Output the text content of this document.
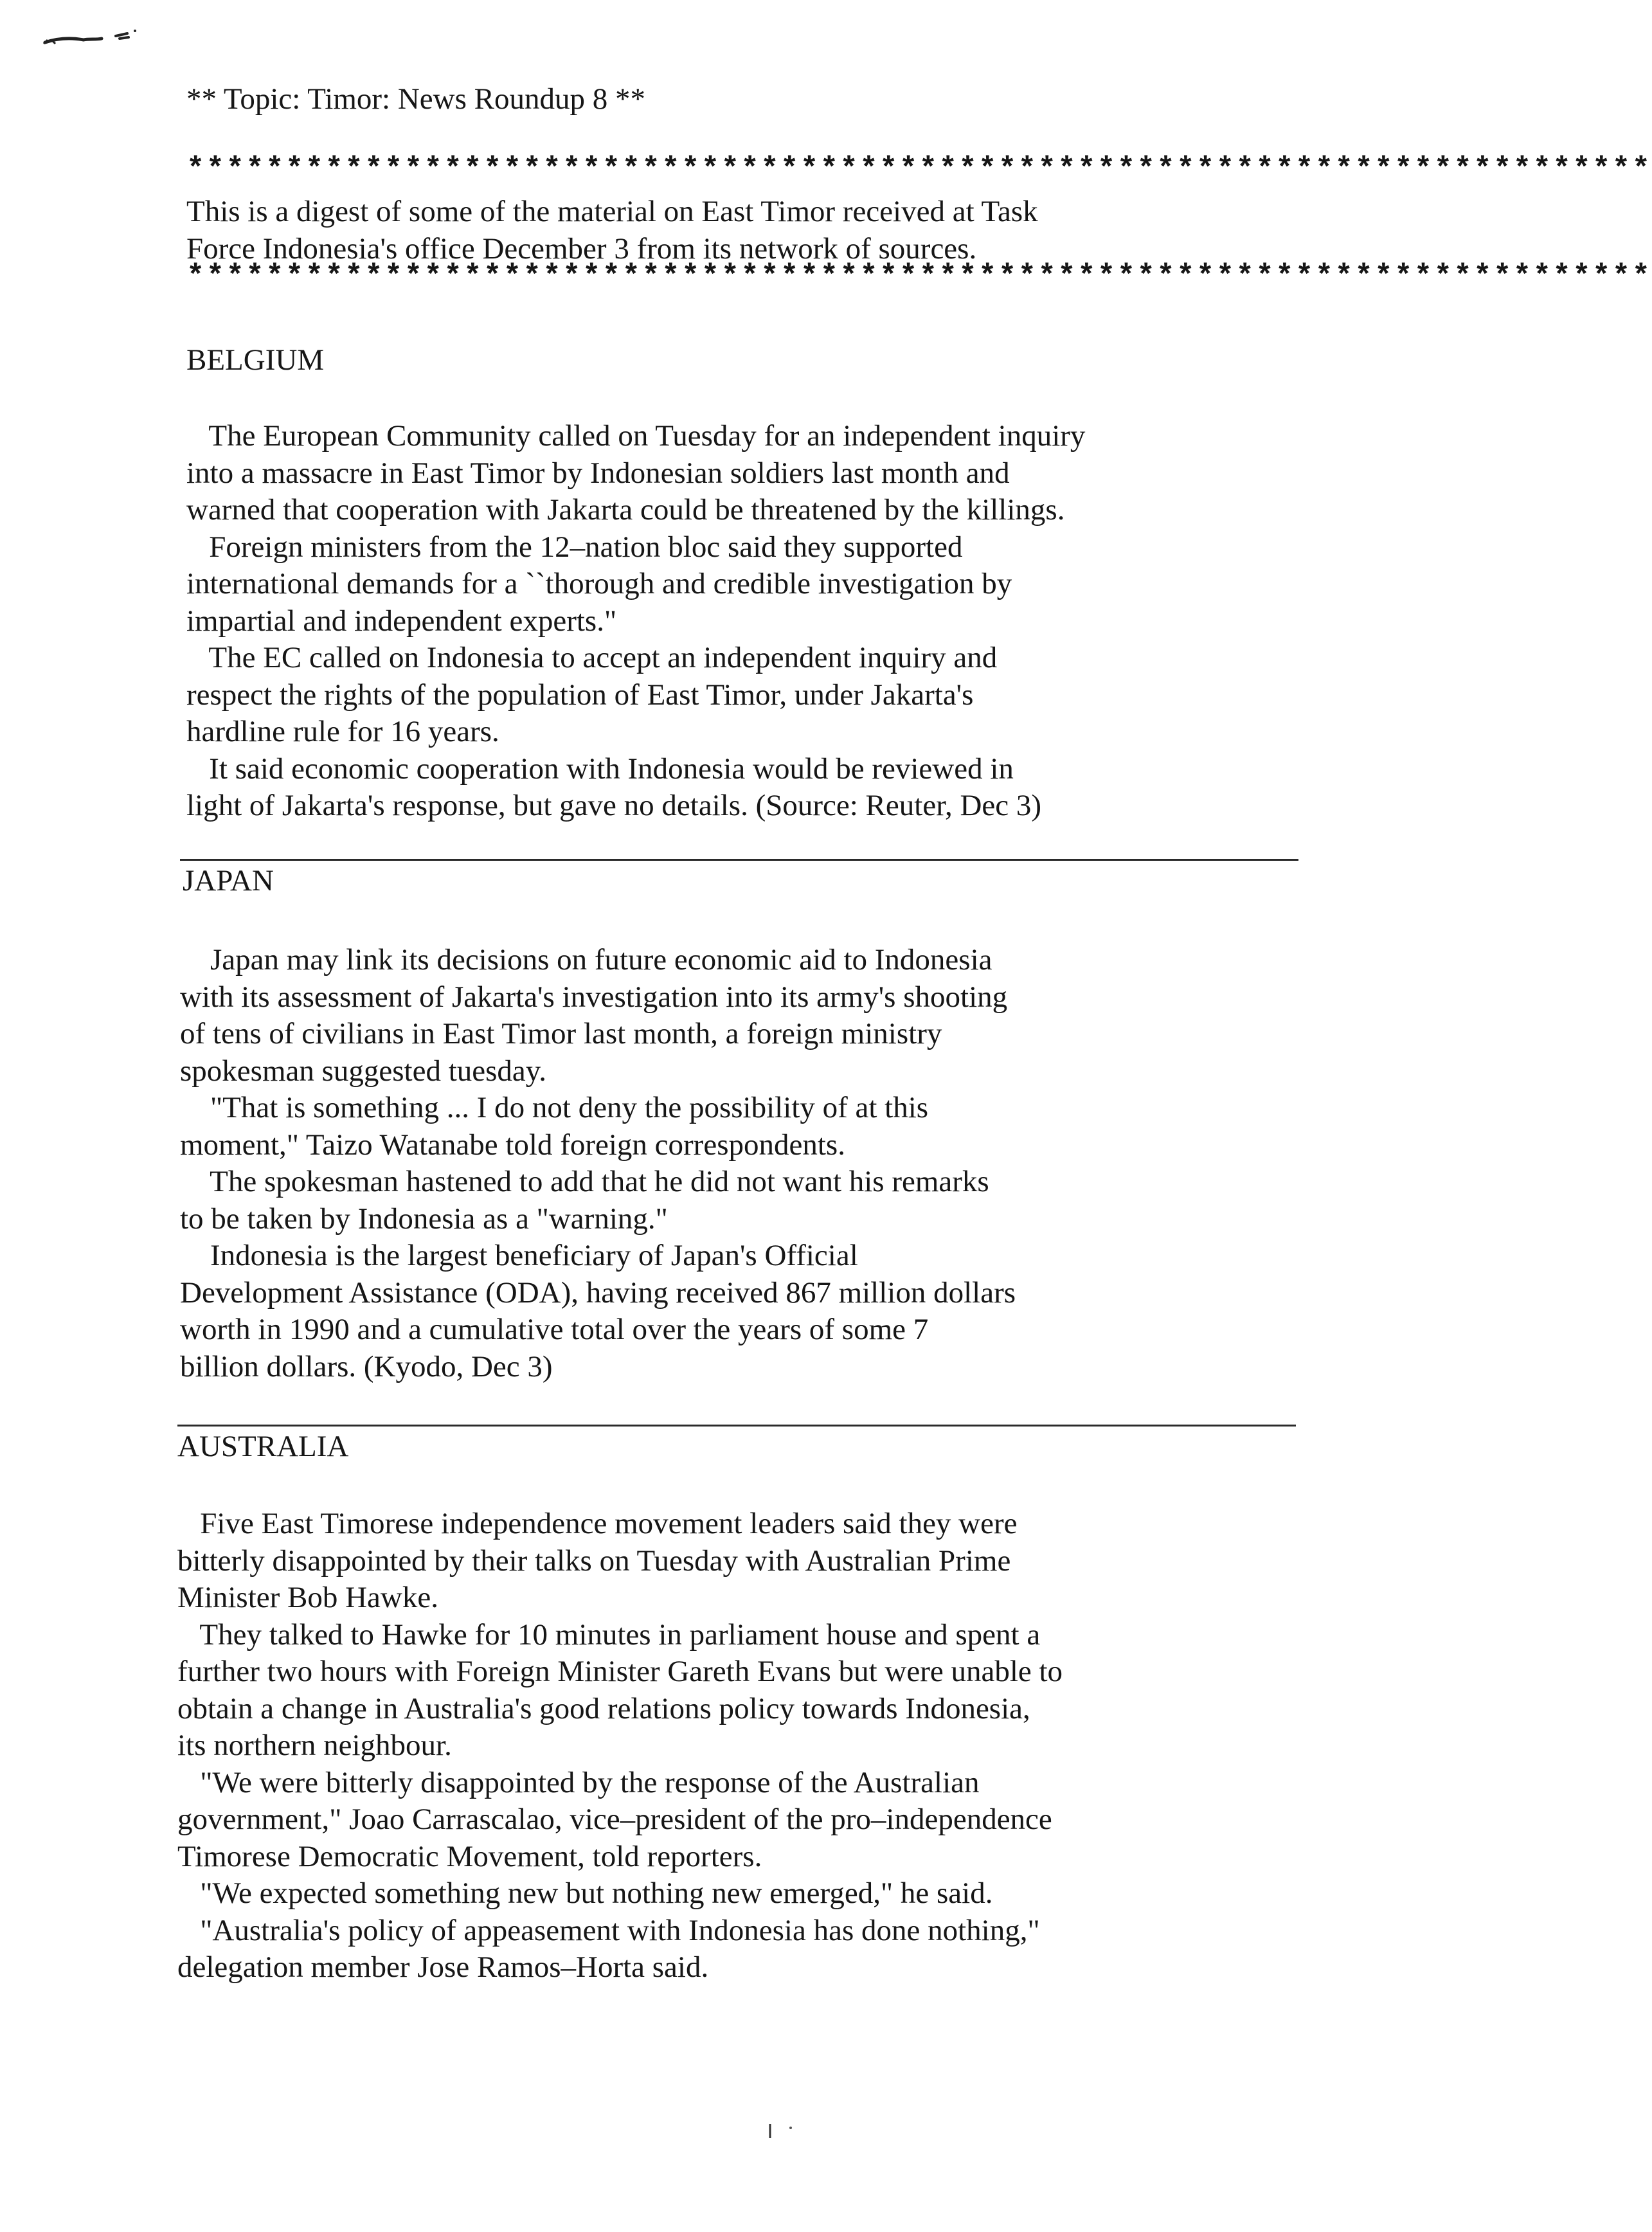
** Topic: Timor: News Roundup 8 **
**************************************************************************
This is a digest of some of the material on East Timor received at Task
Force Indonesia's office December 3 from its network of sources.
**************************************************************************
BELGIUM
The European Community called on Tuesday for an independent inquiry
into a massacre in East Timor by Indonesian soldiers last month and
warned that cooperation with Jakarta could be threatened by the killings.
Foreign ministers from the 12–nation bloc said they supported
international demands for a ``thorough and credible investigation by
impartial and independent experts."
The EC called on Indonesia to accept an independent inquiry and
respect the rights of the population of East Timor, under Jakarta's
hardline rule for 16 years.
It said economic cooperation with Indonesia would be reviewed in
light of Jakarta's response, but gave no details. (Source: Reuter, Dec 3)
JAPAN
Japan may link its decisions on future economic aid to Indonesia
with its assessment of Jakarta's investigation into its army's shooting
of tens of civilians in East Timor last month, a foreign ministry
spokesman suggested tuesday.
"That is something ... I do not deny the possibility of at this
moment," Taizo Watanabe told foreign correspondents.
The spokesman hastened to add that he did not want his remarks
to be taken by Indonesia as a "warning."
Indonesia is the largest beneficiary of Japan's Official
Development Assistance (ODA), having received 867 million dollars
worth in 1990 and a cumulative total over the years of some 7
billion dollars. (Kyodo, Dec 3)
AUSTRALIA
Five East Timorese independence movement leaders said they were
bitterly disappointed by their talks on Tuesday with Australian Prime
Minister Bob Hawke.
They talked to Hawke for 10 minutes in parliament house and spent a
further two hours with Foreign Minister Gareth Evans but were unable to
obtain a change in Australia's good relations policy towards Indonesia,
its northern neighbour.
"We were bitterly disappointed by the response of the Australian
government," Joao Carrascalao, vice–president of the pro–independence
Timorese Democratic Movement, told reporters.
"We expected something new but nothing new emerged," he said.
"Australia's policy of appeasement with Indonesia has done nothing,"
delegation member Jose Ramos–Horta said.
